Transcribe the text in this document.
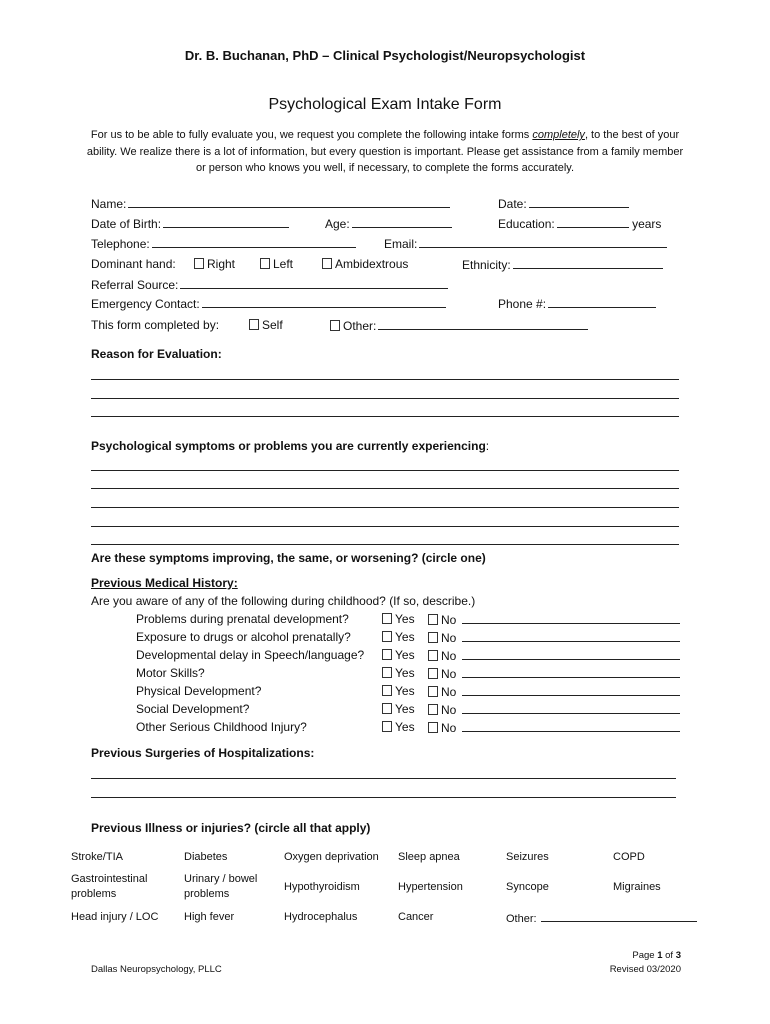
Dr. B. Buchanan, PhD – Clinical Psychologist/Neuropsychologist
Psychological Exam Intake Form
For us to be able to fully evaluate you, we request you complete the following intake forms completely, to the best of your ability. We realize there is a lot of information, but every question is important. Please get assistance from a family member or person who knows you well, if necessary, to complete the forms accurately.
Name:	Date:
Date of Birth:	Age:	Education:	years
Telephone:	Email:
Dominant hand:	Right	Left	Ambidextrous	Ethnicity:
Referral Source:
Emergency Contact:	Phone #:
This form completed by:	Self	Other:
Reason for Evaluation:
Psychological symptoms or problems you are currently experiencing:
Are these symptoms improving, the same, or worsening? (circle one)
Previous Medical History:
Are you aware of any of the following during childhood? (If so, describe.)
Problems during prenatal development?	Yes	No
Exposure to drugs or alcohol prenatally?	Yes	No
Developmental delay in Speech/language?	Yes	No
Motor Skills?	Yes	No
Physical Development?	Yes	No
Social Development?	Yes	No
Other Serious Childhood Injury?	Yes	No
Previous Surgeries of Hospitalizations:
Previous Illness or injuries? (circle all that apply)
Stroke/TIA	Diabetes	Oxygen deprivation	Sleep apnea	Seizures	COPD
Gastrointestinal problems	Urinary / bowel problems	Hypothyroidism	Hypertension	Syncope	Migraines
Head injury / LOC	High fever	Hydrocephalus	Cancer	Other:	
Page 1 of 3
Dallas Neuropsychology, PLLC	Revised 03/2020
